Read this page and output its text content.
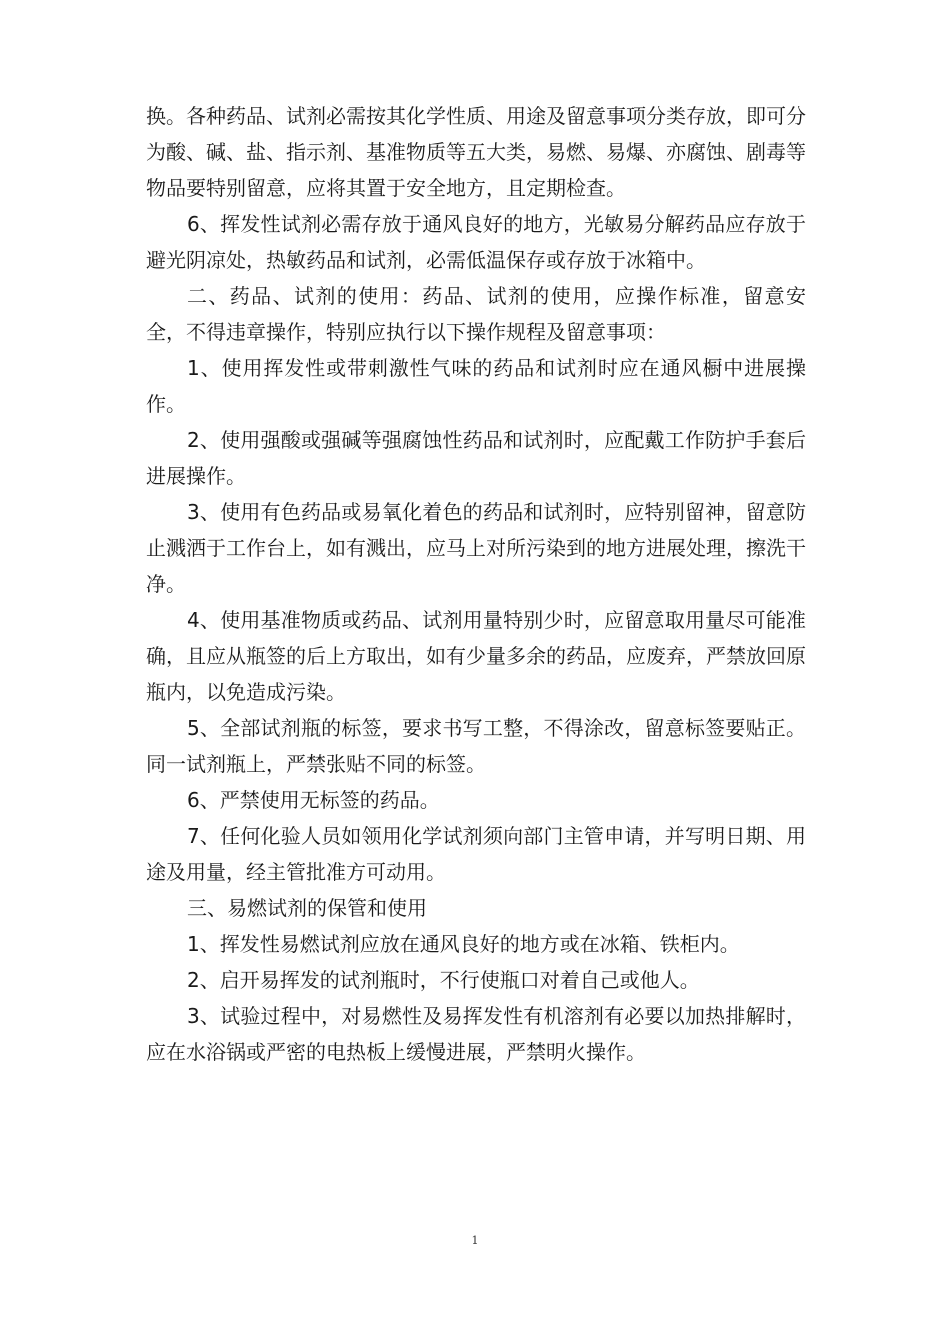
换。各种药品、试剂必需按其化学性质、用途及留意事项分类存放，即可分为酸、碱、盐、指示剂、基准物质等五大类，易燃、易爆、亦腐蚀、剧毒等物品要特别留意，应将其置于安全地方，且定期检查。

6、挥发性试剂必需存放于通风良好的地方，光敏易分解药品应存放于避光阴凉处，热敏药品和试剂，必需低温保存或存放于冰箱中。

二、药品、试剂的使用：药品、试剂的使用，应操作标准，留意安全，不得违章操作，特别应执行以下操作规程及留意事项：

1、使用挥发性或带刺激性气味的药品和试剂时应在通风橱中进展操作。

2、使用强酸或强碱等强腐蚀性药品和试剂时，应配戴工作防护手套后进展操作。

3、使用有色药品或易氧化着色的药品和试剂时，应特别留神，留意防止溅洒于工作台上，如有溅出，应马上对所污染到的地方进展处理，擦洗干净。

4、使用基准物质或药品、试剂用量特别少时，应留意取用量尽可能准确，且应从瓶签的后上方取出，如有少量多余的药品，应废弃，严禁放回原瓶内，以免造成污染。

5、全部试剂瓶的标签，要求书写工整，不得涂改，留意标签要贴正。同一试剂瓶上，严禁张贴不同的标签。

6、严禁使用无标签的药品。

7、任何化验人员如领用化学试剂须向部门主管申请，并写明日期、用途及用量，经主管批准方可动用。

三、易燃试剂的保管和使用

1、挥发性易燃试剂应放在通风良好的地方或在冰箱、铁柜内。

2、启开易挥发的试剂瓶时，不行使瓶口对着自己或他人。

3、试验过程中，对易燃性及易挥发性有机溶剂有必要以加热排解时，应在水浴锅或严密的电热板上缓慢进展，严禁明火操作。

1
